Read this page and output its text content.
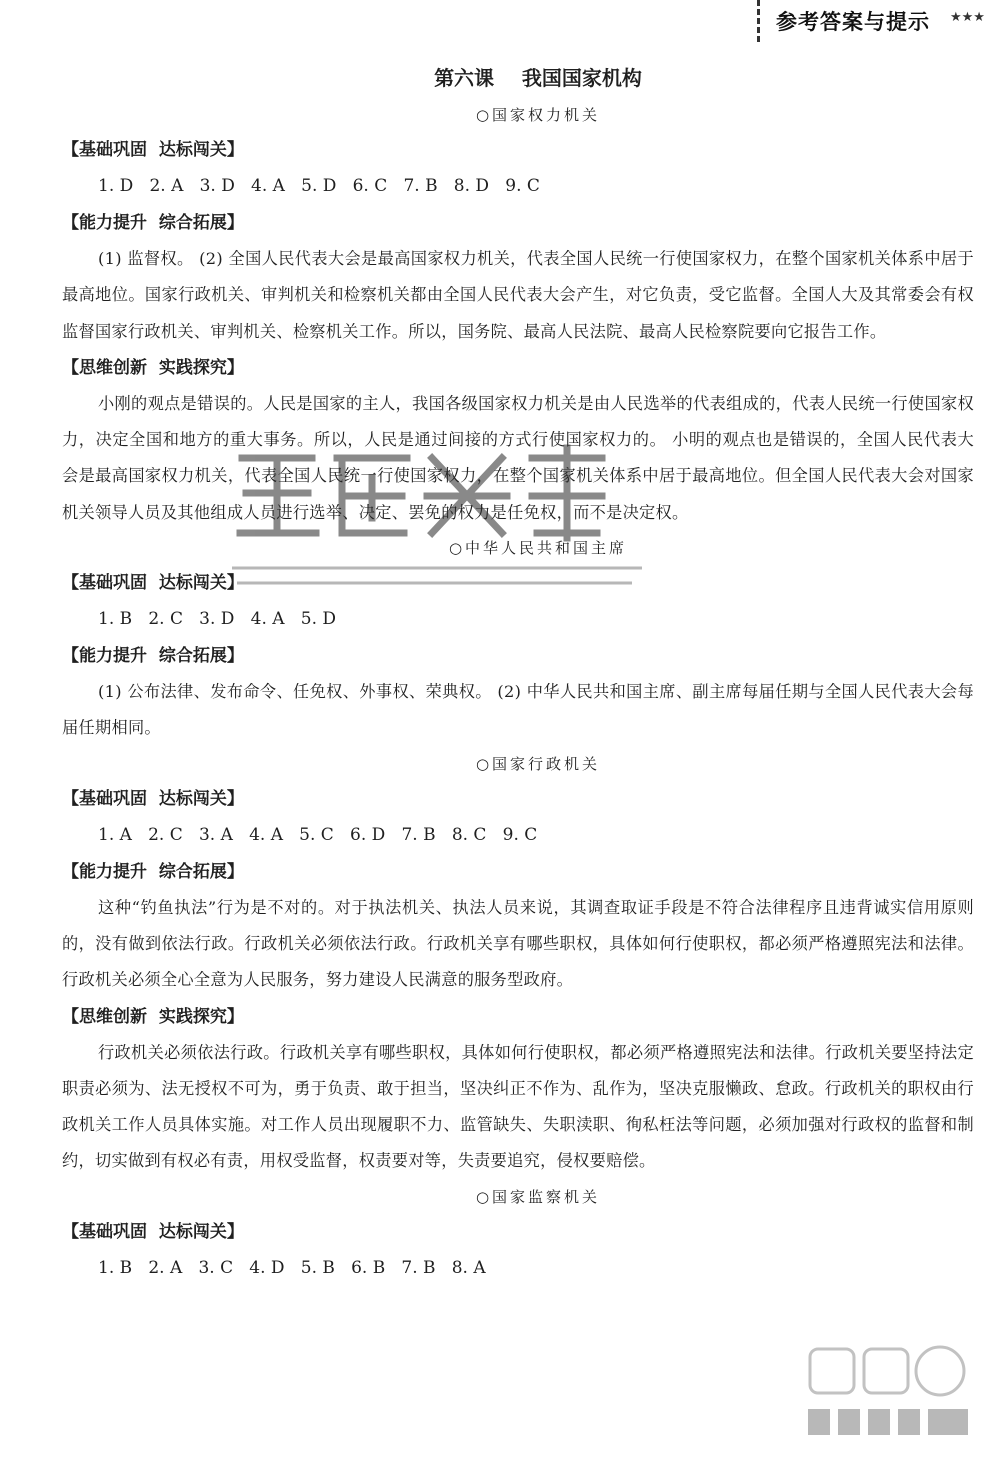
参考答案与提示 ★★★
第六课    我国国家机构
○国家权力机关
【基础巩固  达标闯关】
1. D   2. A   3. D   4. A   5. D   6. C   7. B   8. D   9. C
【能力提升  综合拓展】

(1) 监督权。 (2) 全国人民代表大会是最高国家权力机关，代表全国人民统一行使国家权力，在整个国家机关体系中居于最高地位。国家行政机关、审判机关和检察机关都由全国人民代表大会产生，对它负责，受它监督。全国人大及其常委会有权监督国家行政机关、审判机关、检察机关工作。所以，国务院、最高人民法院、最高人民检察院要向它报告工作。

【思维创新  实践探究】

小刚的观点是错误的。人民是国家的主人，我国各级国家权力机关是由人民选举的代表组成的，代表人民统一行使国家权力，决定全国和地方的重大事务。所以，人民是通过间接的方式行使国家权力的。 小明的观点也是错误的，全国人民代表大会是最高国家权力机关，代表全国人民统一行使国家权力，在整个国家机关体系中居于最高地位。但全国人民代表大会对国家机关领导人员及其他组成人员进行选举、决定、罢免的权力是任免权，而不是决定权。

○中华人民共和国主席
【基础巩固  达标闯关】
1. B   2. C   3. D   4. A   5. D
【能力提升  综合拓展】

(1) 公布法律、发布命令、任免权、外事权、荣典权。 (2) 中华人民共和国主席、副主席每届任期与全国人民代表大会每届任期相同。

○国家行政机关
【基础巩固  达标闯关】
1. A   2. C   3. A   4. A   5. C   6. D   7. B   8. C   9. C
【能力提升  综合拓展】

这种“钓鱼执法”行为是不对的。对于执法机关、执法人员来说，其调查取证手段是不符合法律程序且违背诚实信用原则的，没有做到依法行政。行政机关必须依法行政。行政机关享有哪些职权，具体如何行使职权，都必须严格遵照宪法和法律。行政机关必须全心全意为人民服务，努力建设人民满意的服务型政府。

【思维创新  实践探究】

行政机关必须依法行政。行政机关享有哪些职权，具体如何行使职权，都必须严格遵照宪法和法律。行政机关要坚持法定职责必须为、法无授权不可为，勇于负责、敢于担当，坚决纠正不作为、乱作为，坚决克服懒政、怠政。行政机关的职权由行政机关工作人员具体实施。对工作人员出现履职不力、监管缺失、失职渎职、徇私枉法等问题，必须加强对行政权的监督和制约，切实做到有权必有责，用权受监督，权责要对等，失责要追究，侵权要赔偿。

○国家监察机关
【基础巩固  达标闯关】
1. B   2. A   3. C   4. D   5. B   6. B   7. B   8. A
